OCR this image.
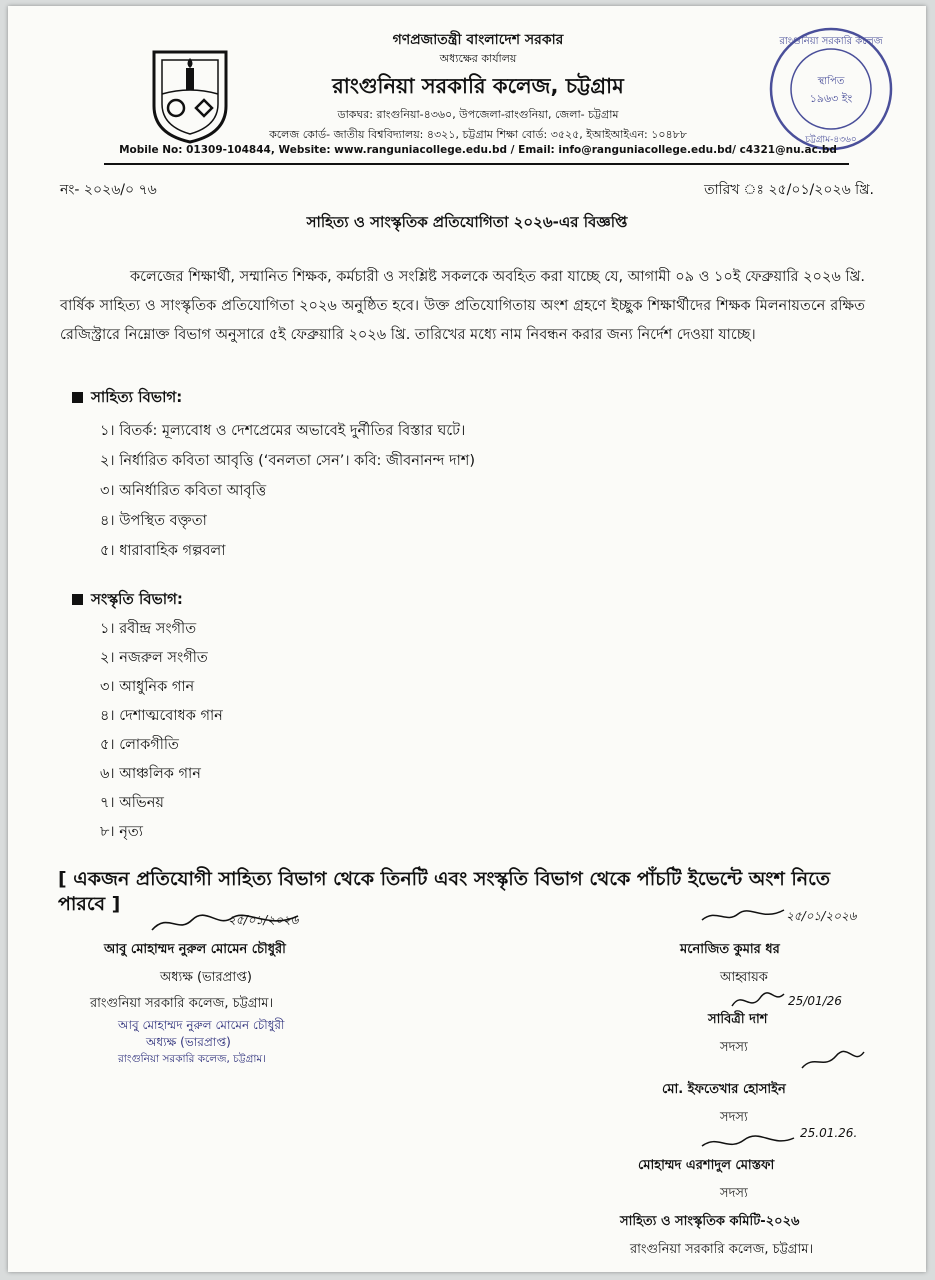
রাংগুনিয়া সরকারি কলেজ
স্থাপিত
১৯৬৩ ইং
চট্টগ্রাম-৪৩৬০

গণপ্রজাতন্ত্রী বাংলাদেশ সরকার

অধ্যক্ষের কার্যালয়

রাংগুনিয়া সরকারি কলেজ, চট্টগ্রাম

ডাকঘর: রাংগুনিয়া-৪৩৬০, উপজেলা-রাংগুনিয়া, জেলা- চট্টগ্রাম

কলেজ কোর্ড- জাতীয় বিশ্ববিদ্যালয়: ৪৩২১, চট্টগ্রাম শিক্ষা বোর্ড: ৩৫২৫, ইআইআইএন: ১০৪৮৮

Mobile No: 01309-104844, Website: www.ranguniacollege.edu.bd / Email: info@ranguniacollege.edu.bd/ c4321@nu.ac.bd

নং- ২০২৬/০ ৭৬	তারিখ ঃ ২৫/০১/২০২৬ খ্রি.

সাহিত্য ও সাংস্কৃতিক প্রতিযোগিতা ২০২৬-এর বিজ্ঞপ্তি

কলেজের শিক্ষার্থী, সম্মানিত শিক্ষক, কর্মচারী ও সংশ্লিষ্ট সকলকে অবহিত করা যাচ্ছে যে, আগামী ০৯ ও ১০ই ফেব্রুয়ারি ২০২৬ খ্রি. বার্ষিক সাহিত্য ও সাংস্কৃতিক প্রতিযোগিতা ২০২৬ অনুষ্ঠিত হবে। উক্ত প্রতিযোগিতায় অংশ গ্রহণে ইচ্ছুক শিক্ষার্থীদের শিক্ষক মিলনায়তনে রক্ষিত রেজিস্ট্রারে নিম্নোক্ত বিভাগ অনুসারে ৫ই ফেব্রুয়ারি ২০২৬ খ্রি. তারিখের মধ্যে নাম নিবন্ধন করার জন্য নির্দেশ দেওয়া যাচ্ছে।

সাহিত্য বিভাগ:

১। বিতর্ক: মূল্যবোধ ও দেশপ্রেমের অভাবেই দুর্নীতির বিস্তার ঘটে।

২। নির্ধারিত কবিতা আবৃত্তি (‘বনলতা সেন’। কবি: জীবনানন্দ দাশ)

৩। অনির্ধারিত কবিতা আবৃত্তি

৪। উপস্থিত বক্তৃতা

৫। ধারাবাহিক গল্পবলা

সংস্কৃতি বিভাগ:

১। রবীন্দ্র সংগীত

২। নজরুল সংগীত

৩। আধুনিক গান

৪। দেশাত্মবোধক গান

৫। লোকগীতি

৬। আঞ্চলিক গান

৭। অভিনয়

৮। নৃত্য

[ একজন প্রতিযোগী সাহিত্য বিভাগ থেকে তিনটি এবং সংস্কৃতি বিভাগ থেকে পাঁচটি ইভেন্টে অংশ নিতে পারবে ]

২৫/০১/২০২৬

আবু মোহাম্মদ নুরুল মোমেন চৌধুরী

অধ্যক্ষ (ভারপ্রাপ্ত)

রাংগুনিয়া সরকারি কলেজ, চট্টগ্রাম।

আবু মোহাম্মদ নুরুল মোমেন চৌধুরী

অধ্যক্ষ (ভারপ্রাপ্ত)

রাংগুনিয়া সরকারি কলেজ, চট্টগ্রাম।

২৫/০১/২০২৬

মনোজিত কুমার ধর

আহ্বায়ক

25/01/26

সাবিত্রী দাশ

সদস্য

মো. ইফতেখার হোসাইন

সদস্য

25.01.26.

মোহাম্মদ এরশাদুল মোস্তফা

সদস্য

সাহিত্য ও সাংস্কৃতিক কমিটি-২০২৬

রাংগুনিয়া সরকারি কলেজ, চট্টগ্রাম।
